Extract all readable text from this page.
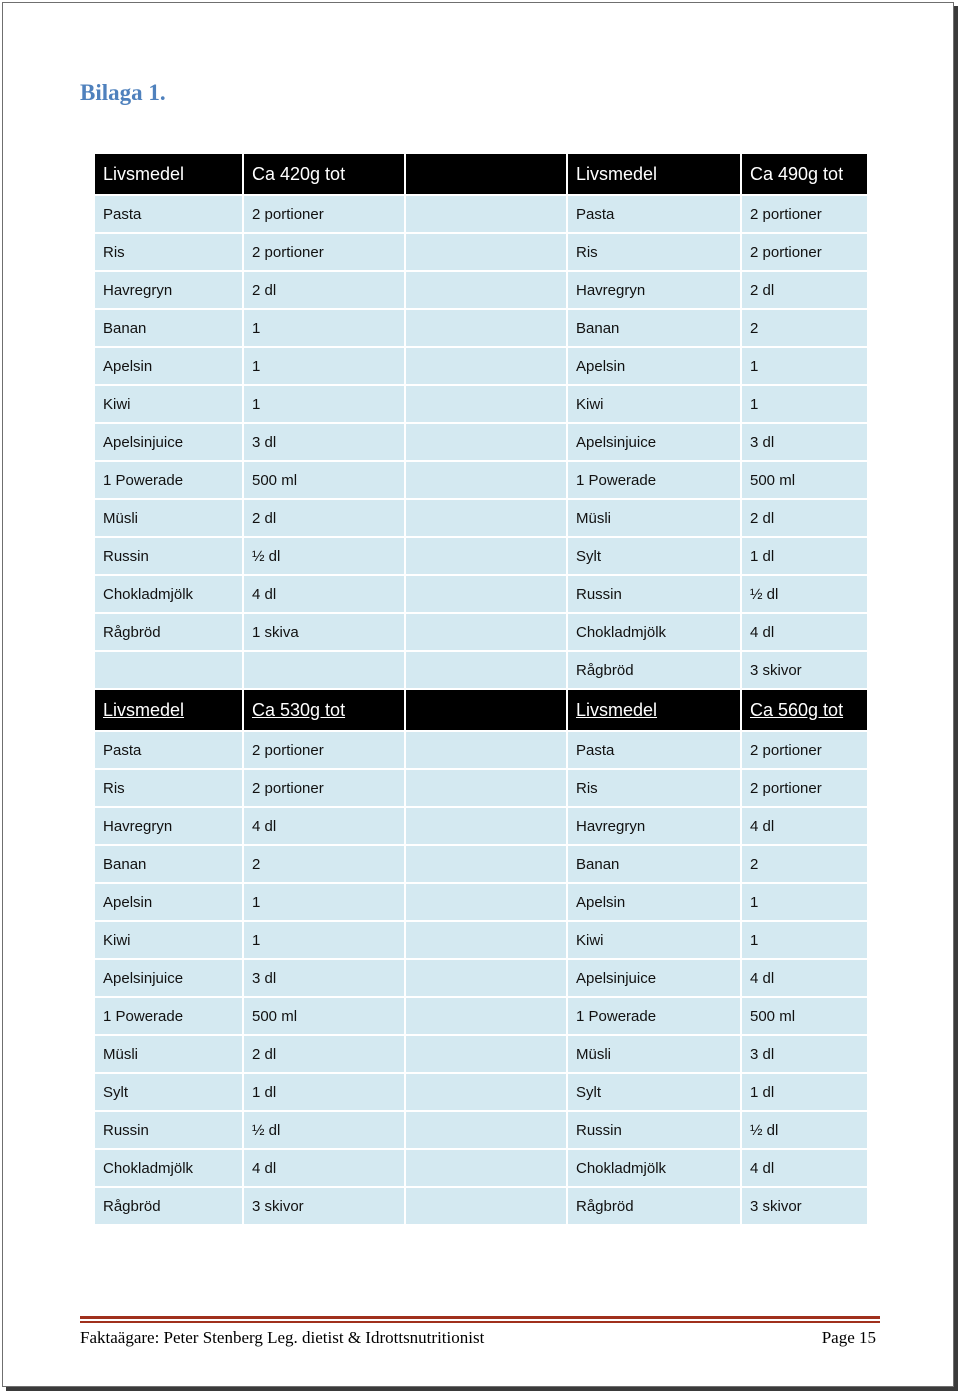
Bilaga 1.
Livsmedel	Ca 420g tot		Livsmedel	Ca 490g tot
Pasta	2 portioner		Pasta	2 portioner
Ris	2 portioner		Ris	2 portioner
Havregryn	2 dl		Havregryn	2 dl
Banan	1		Banan	2
Apelsin	1		Apelsin	1
Kiwi	1		Kiwi	1
Apelsinjuice	3 dl		Apelsinjuice	3 dl
1 Powerade	500 ml		1 Powerade	500 ml
Müsli	2 dl		Müsli	2 dl
Russin	½ dl		Sylt	1 dl
Chokladmjölk	4 dl		Russin	½ dl
Rågbröd	1 skiva		Chokladmjölk	4 dl
			Rågbröd	3 skivor
Livsmedel	Ca 530g tot		Livsmedel	Ca 560g tot
Pasta	2 portioner		Pasta	2 portioner
Ris	2 portioner		Ris	2 portioner
Havregryn	4 dl		Havregryn	4 dl
Banan	2		Banan	2
Apelsin	1		Apelsin	1
Kiwi	1		Kiwi	1
Apelsinjuice	3 dl		Apelsinjuice	4 dl
1 Powerade	500 ml		1 Powerade	500 ml
Müsli	2 dl		Müsli	3 dl
Sylt	1 dl		Sylt	1 dl
Russin	½ dl		Russin	½ dl
Chokladmjölk	4 dl		Chokladmjölk	4 dl
Rågbröd	3 skivor		Rågbröd	3 skivor
Faktaägare: Peter Stenberg Leg. dietist & Idrottsnutritionist	Page 15
